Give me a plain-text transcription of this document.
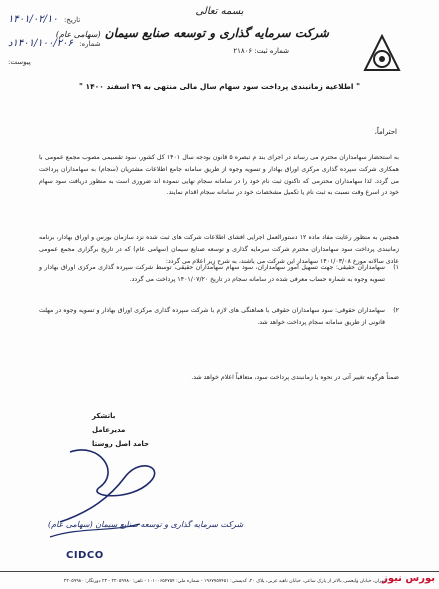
بسمه تعالی
شرکت سرمایه گذاری و توسعه صنایع سیمان (سهامی عام)
شماره ثبت: ۲۱۸۰۶
تاریخ: ۱۴۰۱/۰۲/۱۰
شماره: ۱۴۰۱/۱۰۰/۲۰۶د
پیوست:
" اطلاعیه زمانبندی پرداخت سود سهام سال مالی منتهی به ۲۹ اسفند ۱۴۰۰ "
احتراماً،
به استحضار سهامداران محترم می رساند در اجرای بند م تبصره ۵ قانون بودجه سال ۱۴۰۱ کل کشور، سود تقسیمی مصوب مجمع عمومی با همکاری شرکت سپرده گذاری مرکزی اوراق بهادار و تسویه وجوه از طریق سامانه جامع اطلاعات مشتریان (سجام) به سهامداران پرداخت می گردد. لذا سهامداران محترمی که تاکنون ثبت نام خود را در سامانه سجام نهایی ننموده اند ضروری است به منظور دریافت سود سهام خود در اسرع وقت نسبت به ثبت نام یا تکمیل مشخصات خود در سامانه سجام اقدام نمایند.
همچنین به منظور رعایت مفاد ماده ۱۲ دستورالعمل اجرایی افشای اطلاعات شرکت های ثبت شده نزد سازمان بورس و اوراق بهادار، برنامه زمانبندی پرداخت سود سهامداران محترم شرکت سرمایه گذاری و توسعه صنایع سیمان (سهامی عام) که در تاریخ برگزاری مجمع عمومی عادی سالانه مورخ ۱۴۰۱/۰۳/۰۸ سهامدار این شرکت می باشند، به شرح زیر اعلام می گردد:
۱)
سهامداران حقیقی: جهت تسهیل امور سهامداران، سود سهام سهامداران حقیقی، توسط شرکت سپرده گذاری مرکزی اوراق بهادار و تسویه وجوه به شماره حساب معرفی شده در سامانه سجام در تاریخ ۱۴۰۱/۰۷/۲۰ پرداخت می گردد.
۲)
سهامداران حقوقی: سود سهامداران حقوقی با هماهنگی های لازم با شرکت سپرده گذاری مرکزی اوراق بهادار و تسویه وجوه در مهلت قانونی از طریق سامانه سجام پرداخت خواهد شد.
ضمناً هرگونه تغییر آتی در نحوه یا زمانبندی پرداخت سود، متعاقباً اعلام خواهد شد.
باتشکر
مدیرعامل
حامد اصل روستا
شرکت سرمایه گذاری و توسعه صنایع سیمان (سهامی عام)
CIDCO
تهران، خیابان ولیعصر، بالاتر از پارک ساعی، خیابان ناهید غربی، پلاک ۲۰، کدپستی: ۱۹۶۷۷۵۷۴۵۱ - شماره ملی: ۱۰۱۰۰۶۵۴۷۵۴ - تلفن: ۲۲۰۵۹۹۸۰ - ۲۳ دورنگار: ۲۲۰۵۹۹۸۰
بورس نیوز
